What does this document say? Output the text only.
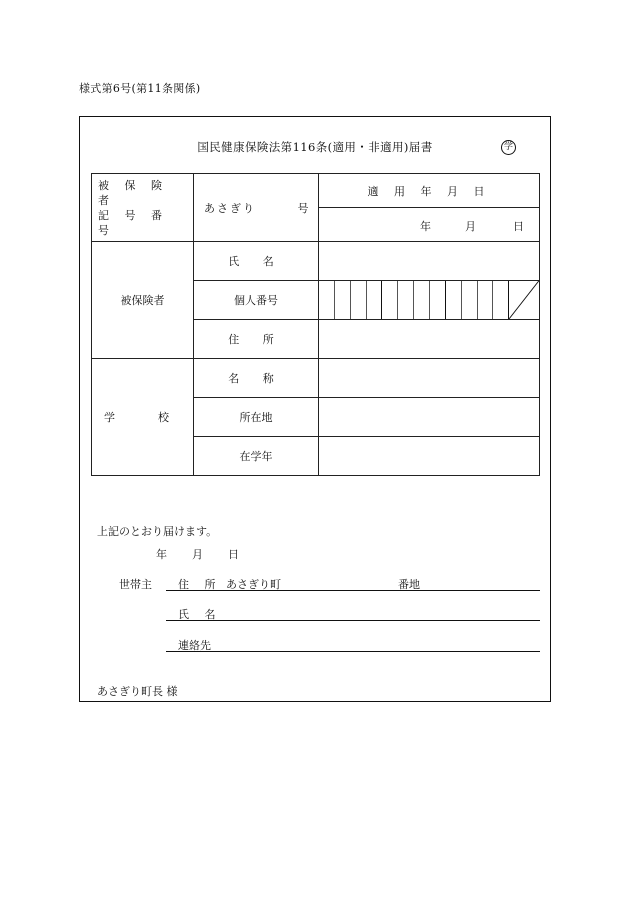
様式第6号(第11条関係)
国民健康保険法第116条(適用・非適用)届書	学
被 保 険 者
記 号 番 号	あさぎり 号	適 用 年 月 日

		年 月 日

被保険者	氏 名	
	個人番号	

	住 所	
学  校	名 称	
	所在地	
	在学年	
上記のとおり届けます。
年 月 日
世帯主 住 所 あさぎり町	番地
氏 名
連絡先
あさぎり町長 様
